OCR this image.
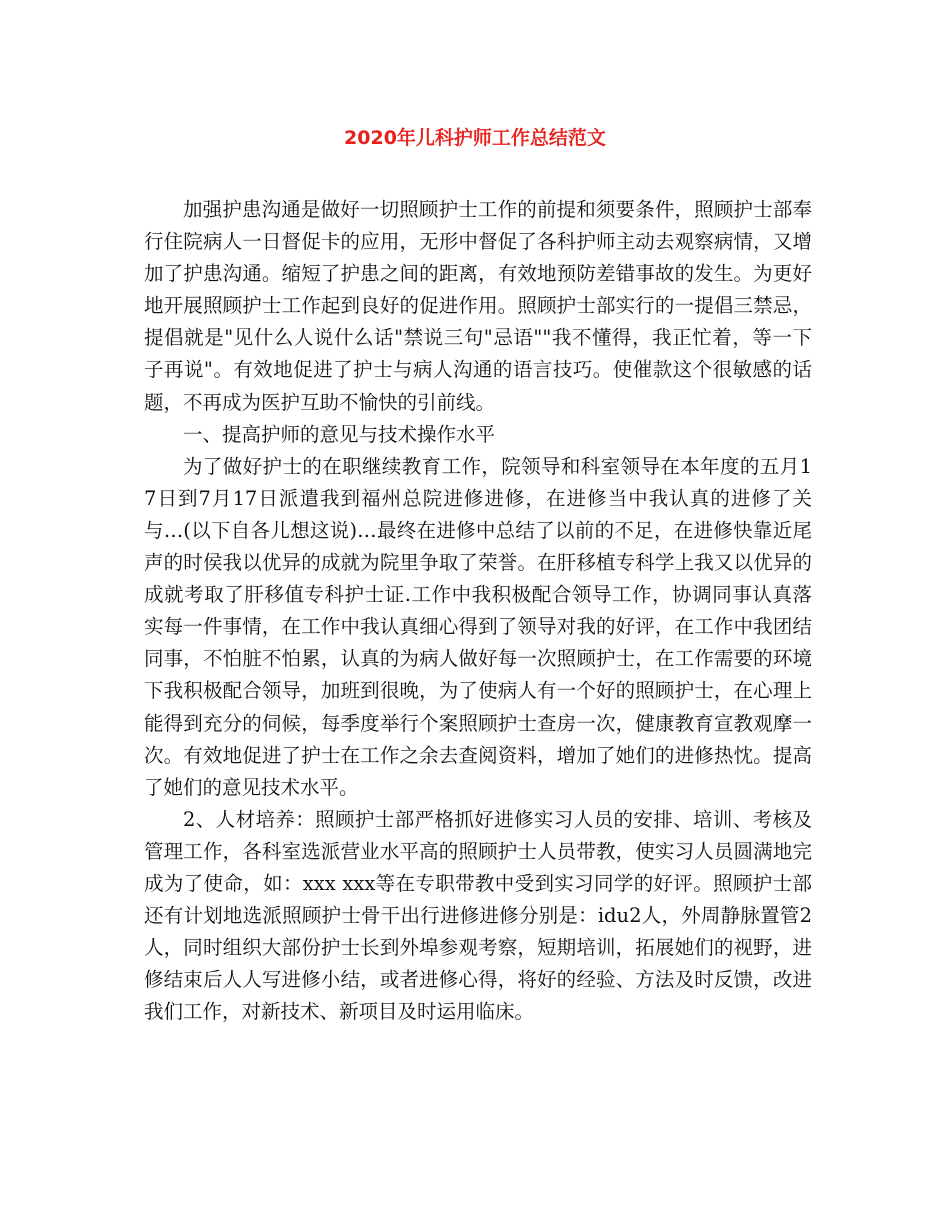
2020年儿科护师工作总结范文

加强护患沟通是做好一切照顾护士工作的前提和须要条件，照顾护士部奉行住院病人一日督促卡的应用，无形中督促了各科护师主动去观察病情，又增加了护患沟通。缩短了护患之间的距离，有效地预防差错事故的发生。为更好地开展照顾护士工作起到良好的促进作用。照顾护士部实行的一提倡三禁忌，提倡就是"见什么人说什么话"禁说三句"忌语""我不懂得，我正忙着，等一下子再说"。有效地促进了护士与病人沟通的语言技巧。使催款这个很敏感的话题，不再成为医护互助不愉快的引前线。

一、提高护师的意见与技术操作水平

为了做好护士的在职继续教育工作，院领导和科室领导在本年度的五月17日到7月17日派遣我到福州总院进修进修，在进修当中我认真的进修了关与…(以下自各儿想这说)…最终在进修中总结了以前的不足，在进修快靠近尾声的时侯我以优异的成就为院里争取了荣誉。在肝移植专科学上我又以优异的成就考取了肝移值专科护士证.工作中我积极配合领导工作，协调同事认真落实每一件事情，在工作中我认真细心得到了领导对我的好评，在工作中我团结同事，不怕脏不怕累，认真的为病人做好每一次照顾护士，在工作需要的环境下我积极配合领导，加班到很晚，为了使病人有一个好的照顾护士，在心理上能得到充分的伺候，每季度举行个案照顾护士查房一次，健康教育宣教观摩一次。有效地促进了护士在工作之余去查阅资料，增加了她们的进修热忱。提高了她们的意见技术水平。

2、人材培养：照顾护士部严格抓好进修实习人员的安排、培训、考核及管理工作，各科室选派营业水平高的照顾护士人员带教，使实习人员圆满地完成为了使命，如：xxx xxx等在专职带教中受到实习同学的好评。照顾护士部还有计划地选派照顾护士骨干出行进修进修分别是：idu2人，外周静脉置管2人，同时组织大部份护士长到外埠参观考察，短期培训，拓展她们的视野，进修结束后人人写进修小结，或者进修心得，将好的经验、方法及时反馈，改进我们工作，对新技术、新项目及时运用临床。
